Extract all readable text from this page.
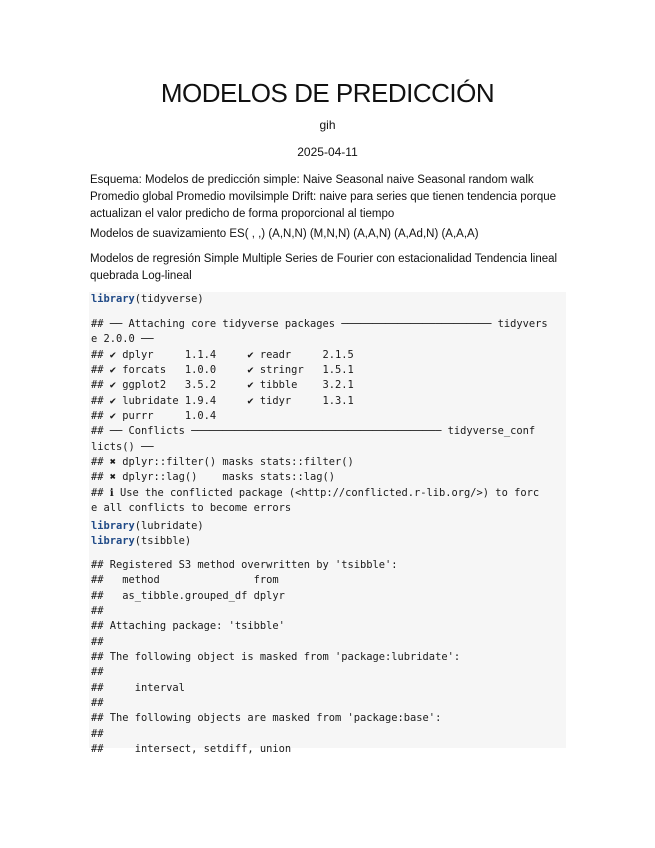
MODELOS DE PREDICCIÓN
gih
2025-04-11

Esquema: Modelos de predicción simple: Naive Seasonal naive Seasonal random walk Promedio global Promedio movilsimple Drift: naive para series que tienen tendencia porque actualizan el valor predicho de forma proporcional al tiempo

Modelos de suavizamiento ES( , ,) (A,N,N) (M,N,N) (A,A,N) (A,Ad,N) (A,A,A)

Modelos de regresión Simple Multiple Series de Fourier con estacionalidad Tendencia lineal quebrada Log-lineal

library(tidyverse)
## ── Attaching core tidyverse packages ──────────────────────── tidyvers
e 2.0.0 ──
## ✔ dplyr     1.1.4     ✔ readr     2.1.5
## ✔ forcats   1.0.0     ✔ stringr   1.5.1
## ✔ ggplot2   3.5.2     ✔ tibble    3.2.1
## ✔ lubridate 1.9.4     ✔ tidyr     1.3.1
## ✔ purrr     1.0.4
## ── Conflicts ──────────────────────────────────────── tidyverse_conf
licts() ──
## ✖ dplyr::filter() masks stats::filter()
## ✖ dplyr::lag()    masks stats::lag()
## ℹ Use the conflicted package (<http://conflicted.r-lib.org/>) to forc
e all conflicts to become errors
library(lubridate)
library(tsibble)
## Registered S3 method overwritten by 'tsibble':
##   method               from
##   as_tibble.grouped_df dplyr
##
## Attaching package: 'tsibble'
##
## The following object is masked from 'package:lubridate':
##
##     interval
##
## The following objects are masked from 'package:base':
##
##     intersect, setdiff, union
